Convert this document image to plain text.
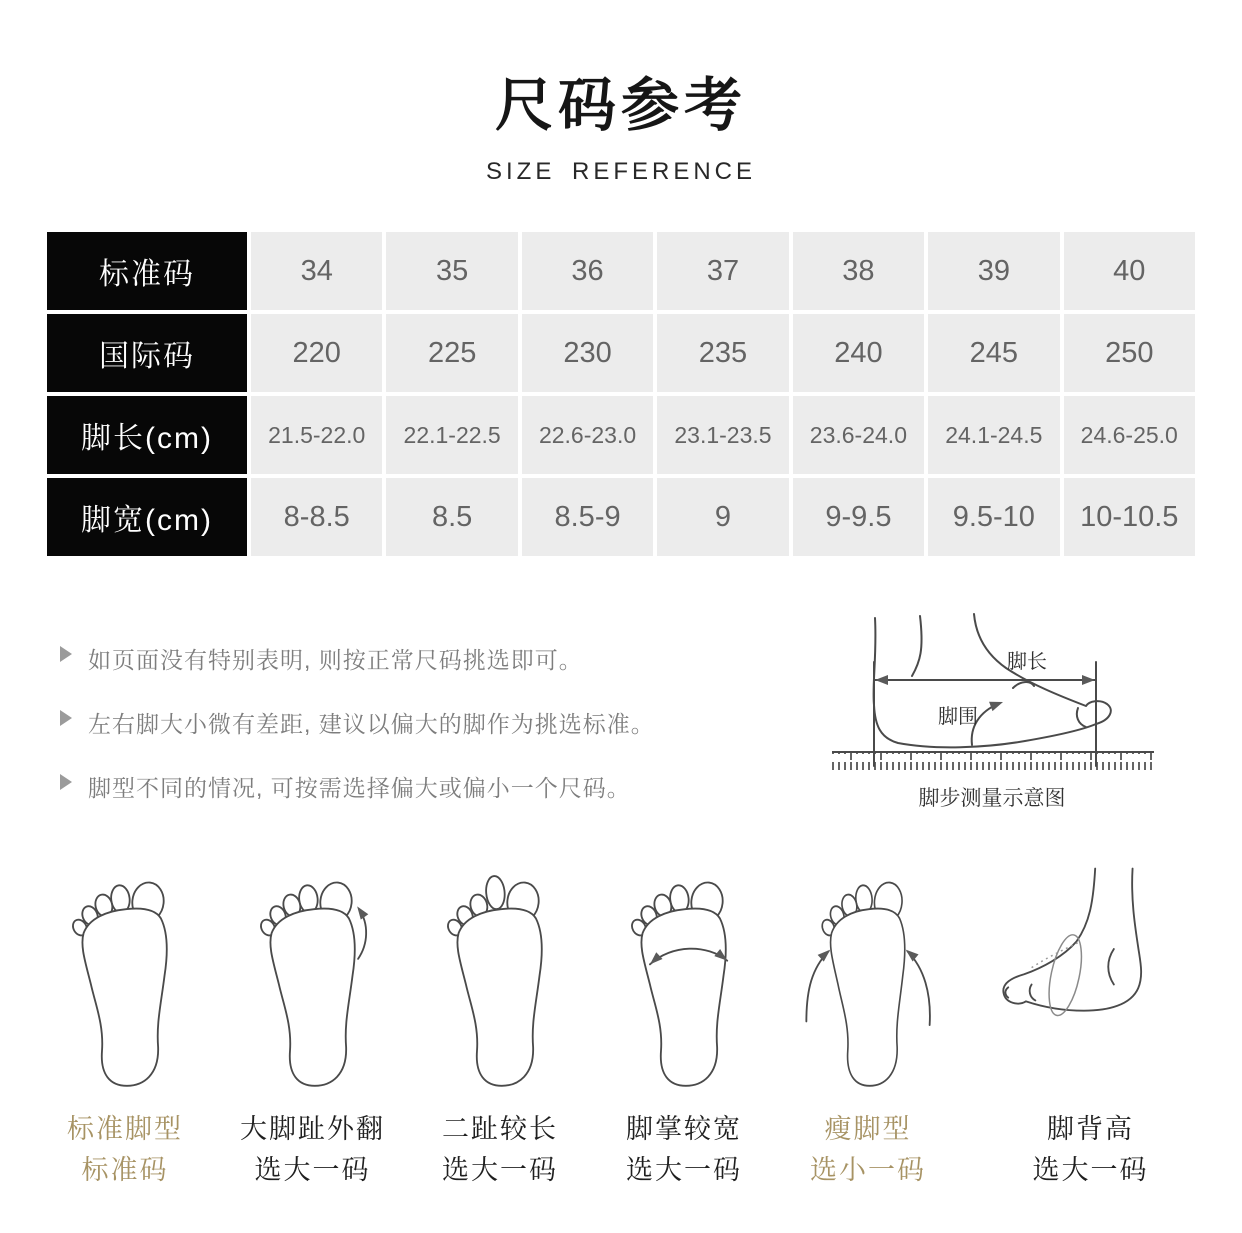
尺码参考
SIZE REFERENCE
标准码	34	35	36	37	38	39	40
国际码	220	225	230	235	240	245	250
脚长(cm)	21.5-22.0	22.1-22.5	22.6-23.0	23.1-23.5	23.6-24.0	24.1-24.5	24.6-25.0
脚宽(cm)	8-8.5	8.5	8.5-9	9	9-9.5	9.5-10	10-10.5
如页面没有特别表明, 则按正常尺码挑选即可。
左右脚大小微有差距, 建议以偏大的脚作为挑选标准。
脚型不同的情况, 可按需选择偏大或偏小一个尺码。
脚长
脚围
脚步测量示意图
标准脚型
标准码
大脚趾外翻
选大一码
二趾较长
选大一码
脚掌较宽
选大一码
瘦脚型
选小一码
脚背高
选大一码
